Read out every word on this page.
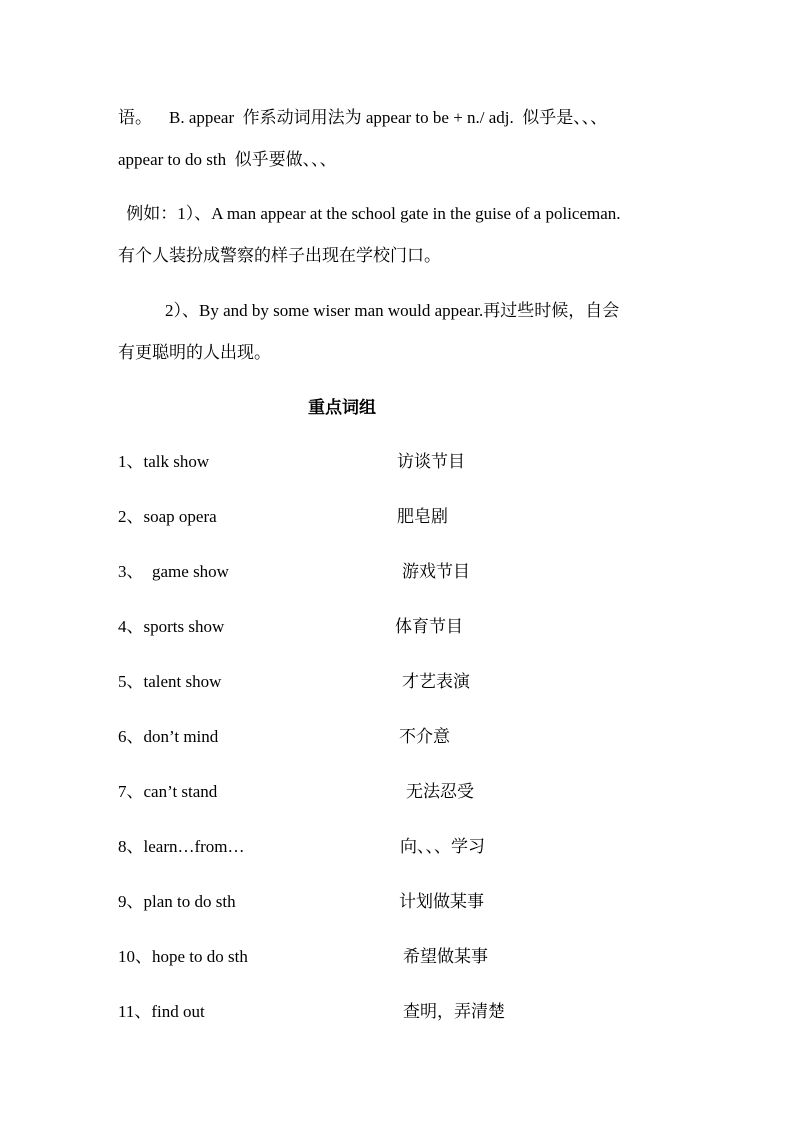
语。    B. appear  作系动词用法为 appear to be + n./ adj.  似乎是、、、
appear to do sth  似乎要做、、、
例如：1）、A man appear at the school gate in the guise of a policeman.
有个人装扮成警察的样子出现在学校门口。
2）、By and by some wiser man would appear.再过些时候，自会
有更聪明的人出现。
重点词组
1、talk show	访谈节目
2、soap opera	肥皂剧
3、  game show	游戏节目
4、sports show	体育节目
5、talent show	才艺表演
6、don’t mind	不介意
7、can’t stand	无法忍受
8、learn…from…	向、、、学习
9、plan to do sth	计划做某事
10、hope to do sth	希望做某事
11、find out	查明，弄清楚
